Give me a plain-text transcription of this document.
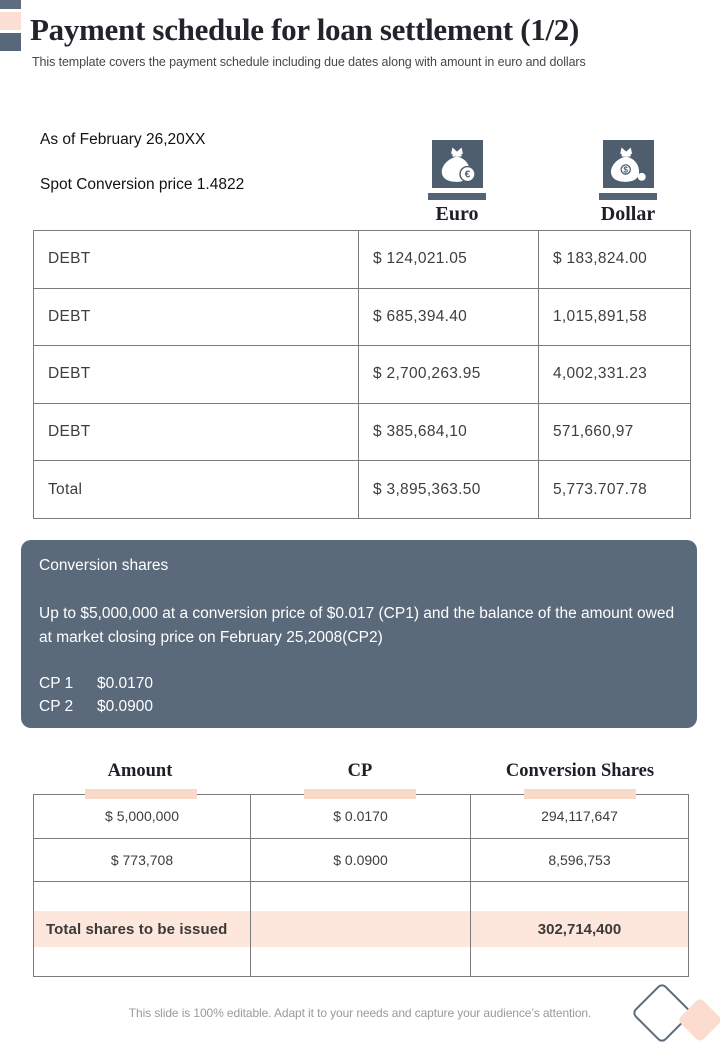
Payment schedule for loan settlement (1/2)
This template covers the payment schedule including due dates along with amount in euro and dollars
As of February 26,20XX
Spot Conversion price 1.4822
€
Euro
$
Dollar
DEBT	$ 124,021.05	$ 183,824.00
DEBT	$ 685,394.40	1,015,891,58
DEBT	$ 2,700,263.95	4,002,331.23
DEBT	$ 385,684,10	571,660,97
Total	$ 3,895,363.50	5,773.707.78
Conversion shares
Up to $5,000,000 at a conversion price of $0.017 (CP1) and the balance of the amount owed at market closing price on February 25,2008(CP2)
CP 1	$0.0170
CP 2	$0.0900
Amount	CP	Conversion Shares
$ 5,000,000	$ 0.0170	294,117,647
$ 773,708	$ 0.0900	8,596,753

Total shares to be issued		302,714,400
This slide is 100% editable. Adapt it to your needs and capture your audience’s attention.
